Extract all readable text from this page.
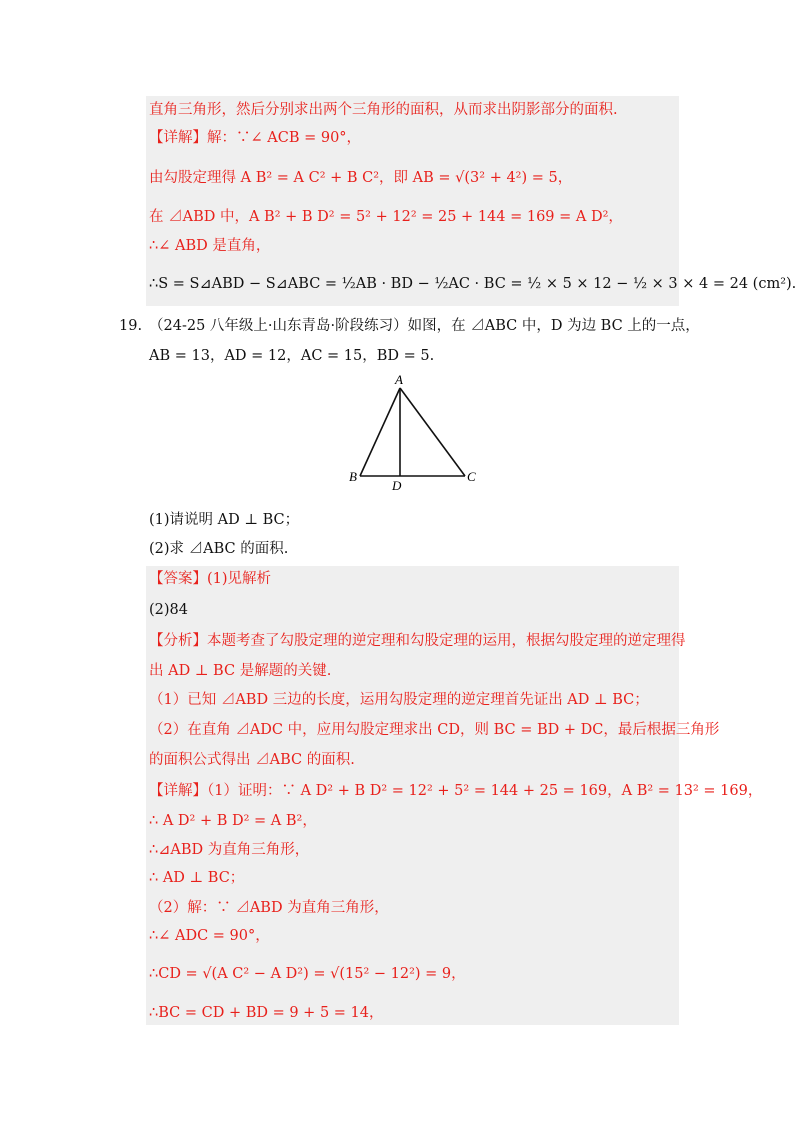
直角三角形，然后分别求出两个三角形的面积，从而求出阴影部分的面积.
【详解】解：∵∠ ACB = 90°，
由勾股定理得 A B² = A C² + B C²，即 AB = √(3² + 4²) = 5，
在 ⊿ABD 中，A B² + B D² = 5² + 12² = 25 + 144 = 169 = A D²，
∴∠ ABD 是直角，
∴S = S⊿ABD − S⊿ABC = ½AB · BD − ½AC · BC = ½ × 5 × 12 − ½ × 3 × 4 = 24 (cm²).
19. （24-25 八年级上·山东青岛·阶段练习）如图，在 ⊿ABC 中，D 为边 BC 上的一点，
AB = 13，AD = 12，AC = 15，BD = 5.
A
B
D
C
(1)请说明 AD ⊥ BC；
(2)求 ⊿ABC 的面积.
【答案】(1)见解析
(2)84
【分析】本题考查了勾股定理的逆定理和勾股定理的运用，根据勾股定理的逆定理得
出 AD ⊥ BC 是解题的关键.
（1）已知 ⊿ABD 三边的长度，运用勾股定理的逆定理首先证出 AD ⊥ BC；
（2）在直角 ⊿ADC 中，应用勾股定理求出 CD，则 BC = BD + DC，最后根据三角形
的面积公式得出 ⊿ABC 的面积.
【详解】（1）证明：∵ A D² + B D² = 12² + 5² = 144 + 25 = 169，A B² = 13² = 169，
∴ A D² + B D² = A B²，
∴⊿ABD 为直角三角形，
∴ AD ⊥ BC；
（2）解：∵ ⊿ABD 为直角三角形，
∴∠ ADC = 90°，
∴CD = √(A C² − A D²) = √(15² − 12²) = 9，
∴BC = CD + BD = 9 + 5 = 14，
